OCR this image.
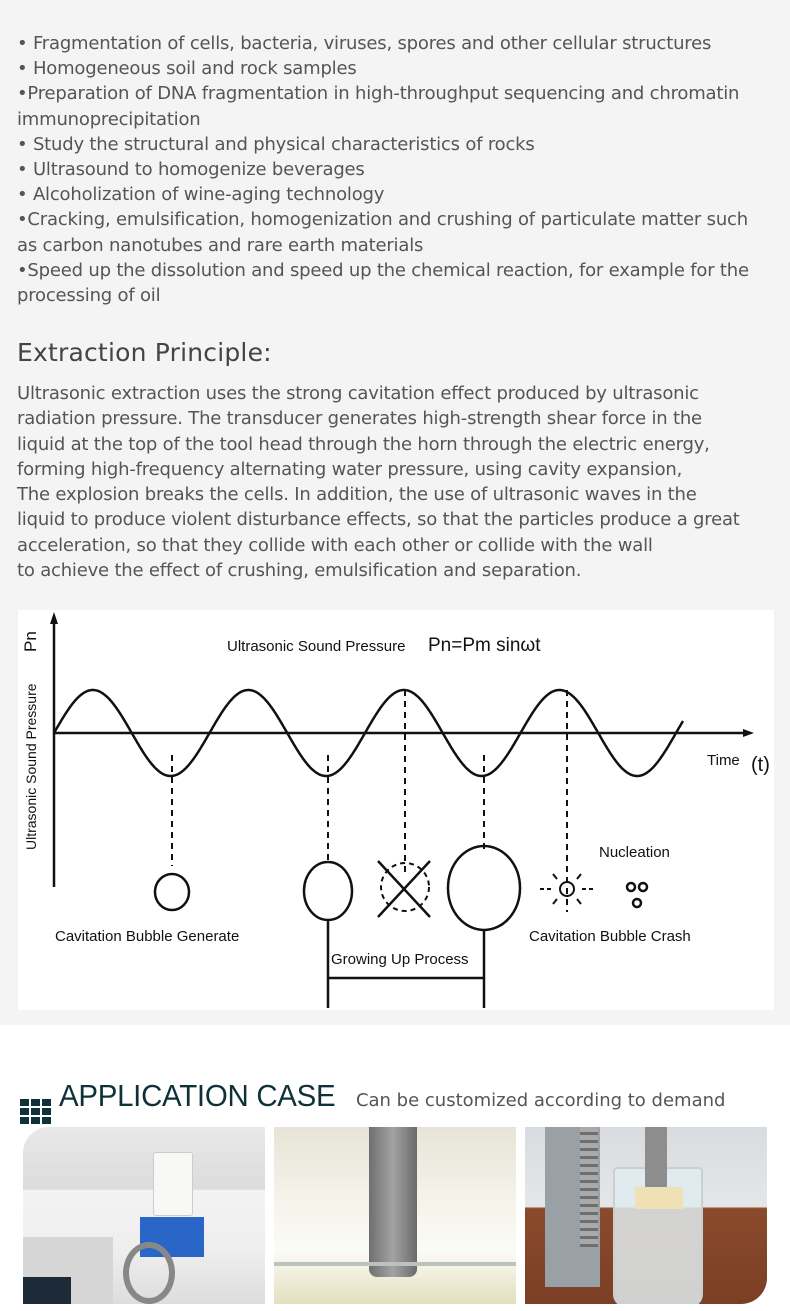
• Fragmentation of cells, bacteria, viruses, spores and other cellular structures
• Homogeneous soil and rock samples
•Preparation of DNA fragmentation in high-throughput sequencing and chromatin
immunoprecipitation
• Study the structural and physical characteristics of rocks
• Ultrasound to homogenize beverages
• Alcoholization of wine-aging technology
•Cracking, emulsification, homogenization and crushing of particulate matter such
as carbon nanotubes and rare earth materials
•Speed up the dissolution and speed up the chemical reaction, for example for the
processing of oil
Extraction Principle:
Ultrasonic extraction uses the strong cavitation effect produced by ultrasonic
radiation pressure. The transducer generates high-strength shear force in the
liquid at the top of the tool head through the horn through the electric energy,
forming high-frequency alternating water pressure, using cavity expansion,
The explosion breaks the cells. In addition, the use of ultrasonic waves in the
liquid to produce violent disturbance effects, so that the particles produce a great
acceleration, so that they collide with each other or collide with the wall
to achieve the effect of crushing, emulsification and separation.
Ultrasonic Sound Pressure
Pn	Ultrasonic Sound Pressure Pn=Pm sinωt
Time (t)
Cavitation Bubble Generate
Growing Up Process
Nucleation
Cavitation Bubble Crash
APPLICATION CASE Can be customized according to demand
